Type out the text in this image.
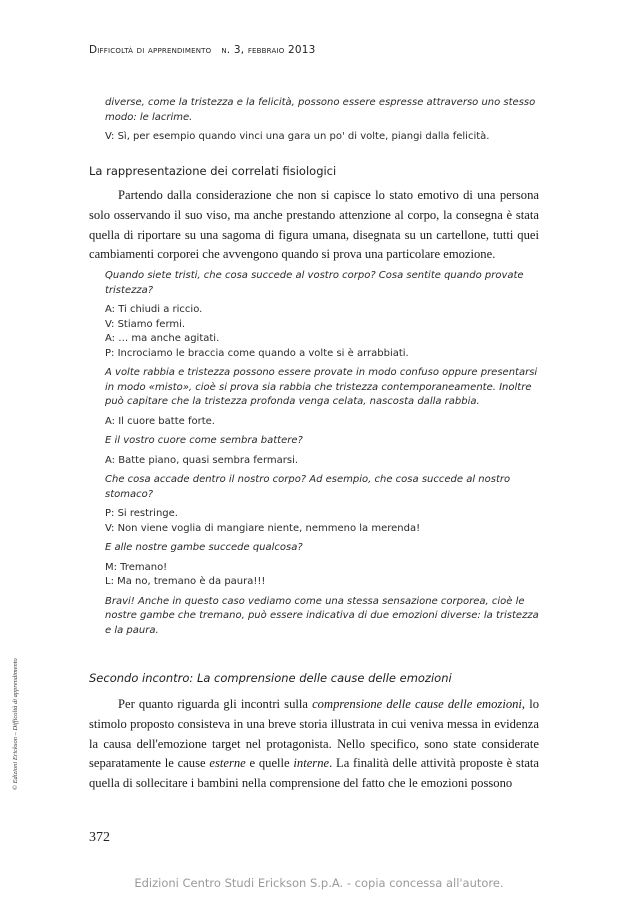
Difficoltà di apprendimento n. 3, febbraio 2013

diverse, come la tristezza e la felicità, possono essere espresse attraverso uno stesso modo: le lacrime.

V: Sì, per esempio quando vinci una gara un po' di volte, piangi dalla felicità.

La rappresentazione dei correlati fisiologici

Partendo dalla considerazione che non si capisce lo stato emotivo di una persona solo osservando il suo viso, ma anche prestando attenzione al corpo, la consegna è stata quella di riportare su una sagoma di figura umana, disegnata su un cartellone, tutti quei cambiamenti corporei che avvengono quando si prova una particolare emozione.

Quando siete tristi, che cosa succede al vostro corpo? Cosa sentite quando provate tristezza?

A: Ti chiudi a riccio.

V: Stiamo fermi.

A: … ma anche agitati.

P: Incrociamo le braccia come quando a volte si è arrabbiati.

A volte rabbia e tristezza possono essere provate in modo confuso oppure presentarsi in modo «misto», cioè si prova sia rabbia che tristezza contemporaneamente. Inoltre può capitare che la tristezza profonda venga celata, nascosta dalla rabbia.

A: Il cuore batte forte.

E il vostro cuore come sembra battere?

A: Batte piano, quasi sembra fermarsi.

Che cosa accade dentro il nostro corpo? Ad esempio, che cosa succede al nostro stomaco?

P: Si restringe.

V: Non viene voglia di mangiare niente, nemmeno la merenda!

E alle nostre gambe succede qualcosa?

M: Tremano!

L: Ma no, tremano è da paura!!!

Bravi! Anche in questo caso vediamo come una stessa sensazione corporea, cioè le nostre gambe che tremano, può essere indicativa di due emozioni diverse: la tristezza e la paura.

Secondo incontro: La comprensione delle cause delle emozioni

Per quanto riguarda gli incontri sulla comprensione delle cause delle emozioni, lo stimolo proposto consisteva in una breve storia illustrata in cui veniva messa in evidenza la causa dell'emozione target nel protagonista. Nello specifico, sono state considerate separatamente le cause esterne e quelle interne. La finalità delle attività proposte è stata quella di sollecitare i bambini nella comprensione del fatto che le emozioni possono

© Edizioni Erickson – Difficoltà di apprendimento
372
Edizioni Centro Studi Erickson S.p.A. - copia concessa all'autore.
